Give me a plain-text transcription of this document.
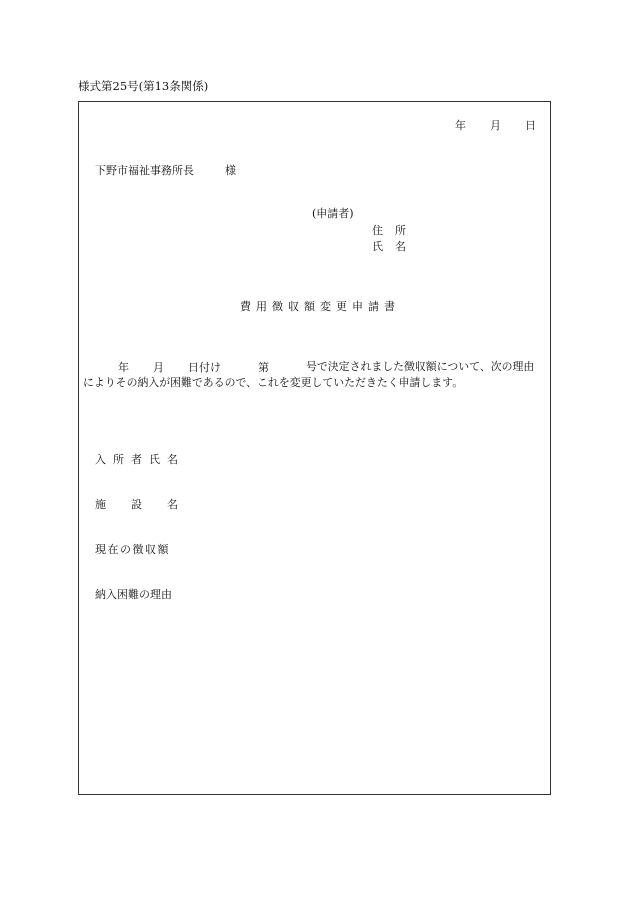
様式第25号(第13条関係)
年 月 日
下野市福祉事務所長	様
(申請者)
住 所
氏 名
費 用 徴 収 額 変 更 申 請 書
年 月 日付け	第	号で決定されました徴収額について、次の理由
によりその納入が困難であるので、これを変更していただきたく申請します。
入 所 者 氏 名
施 設 名
現在の徴収額
納入困難の理由
